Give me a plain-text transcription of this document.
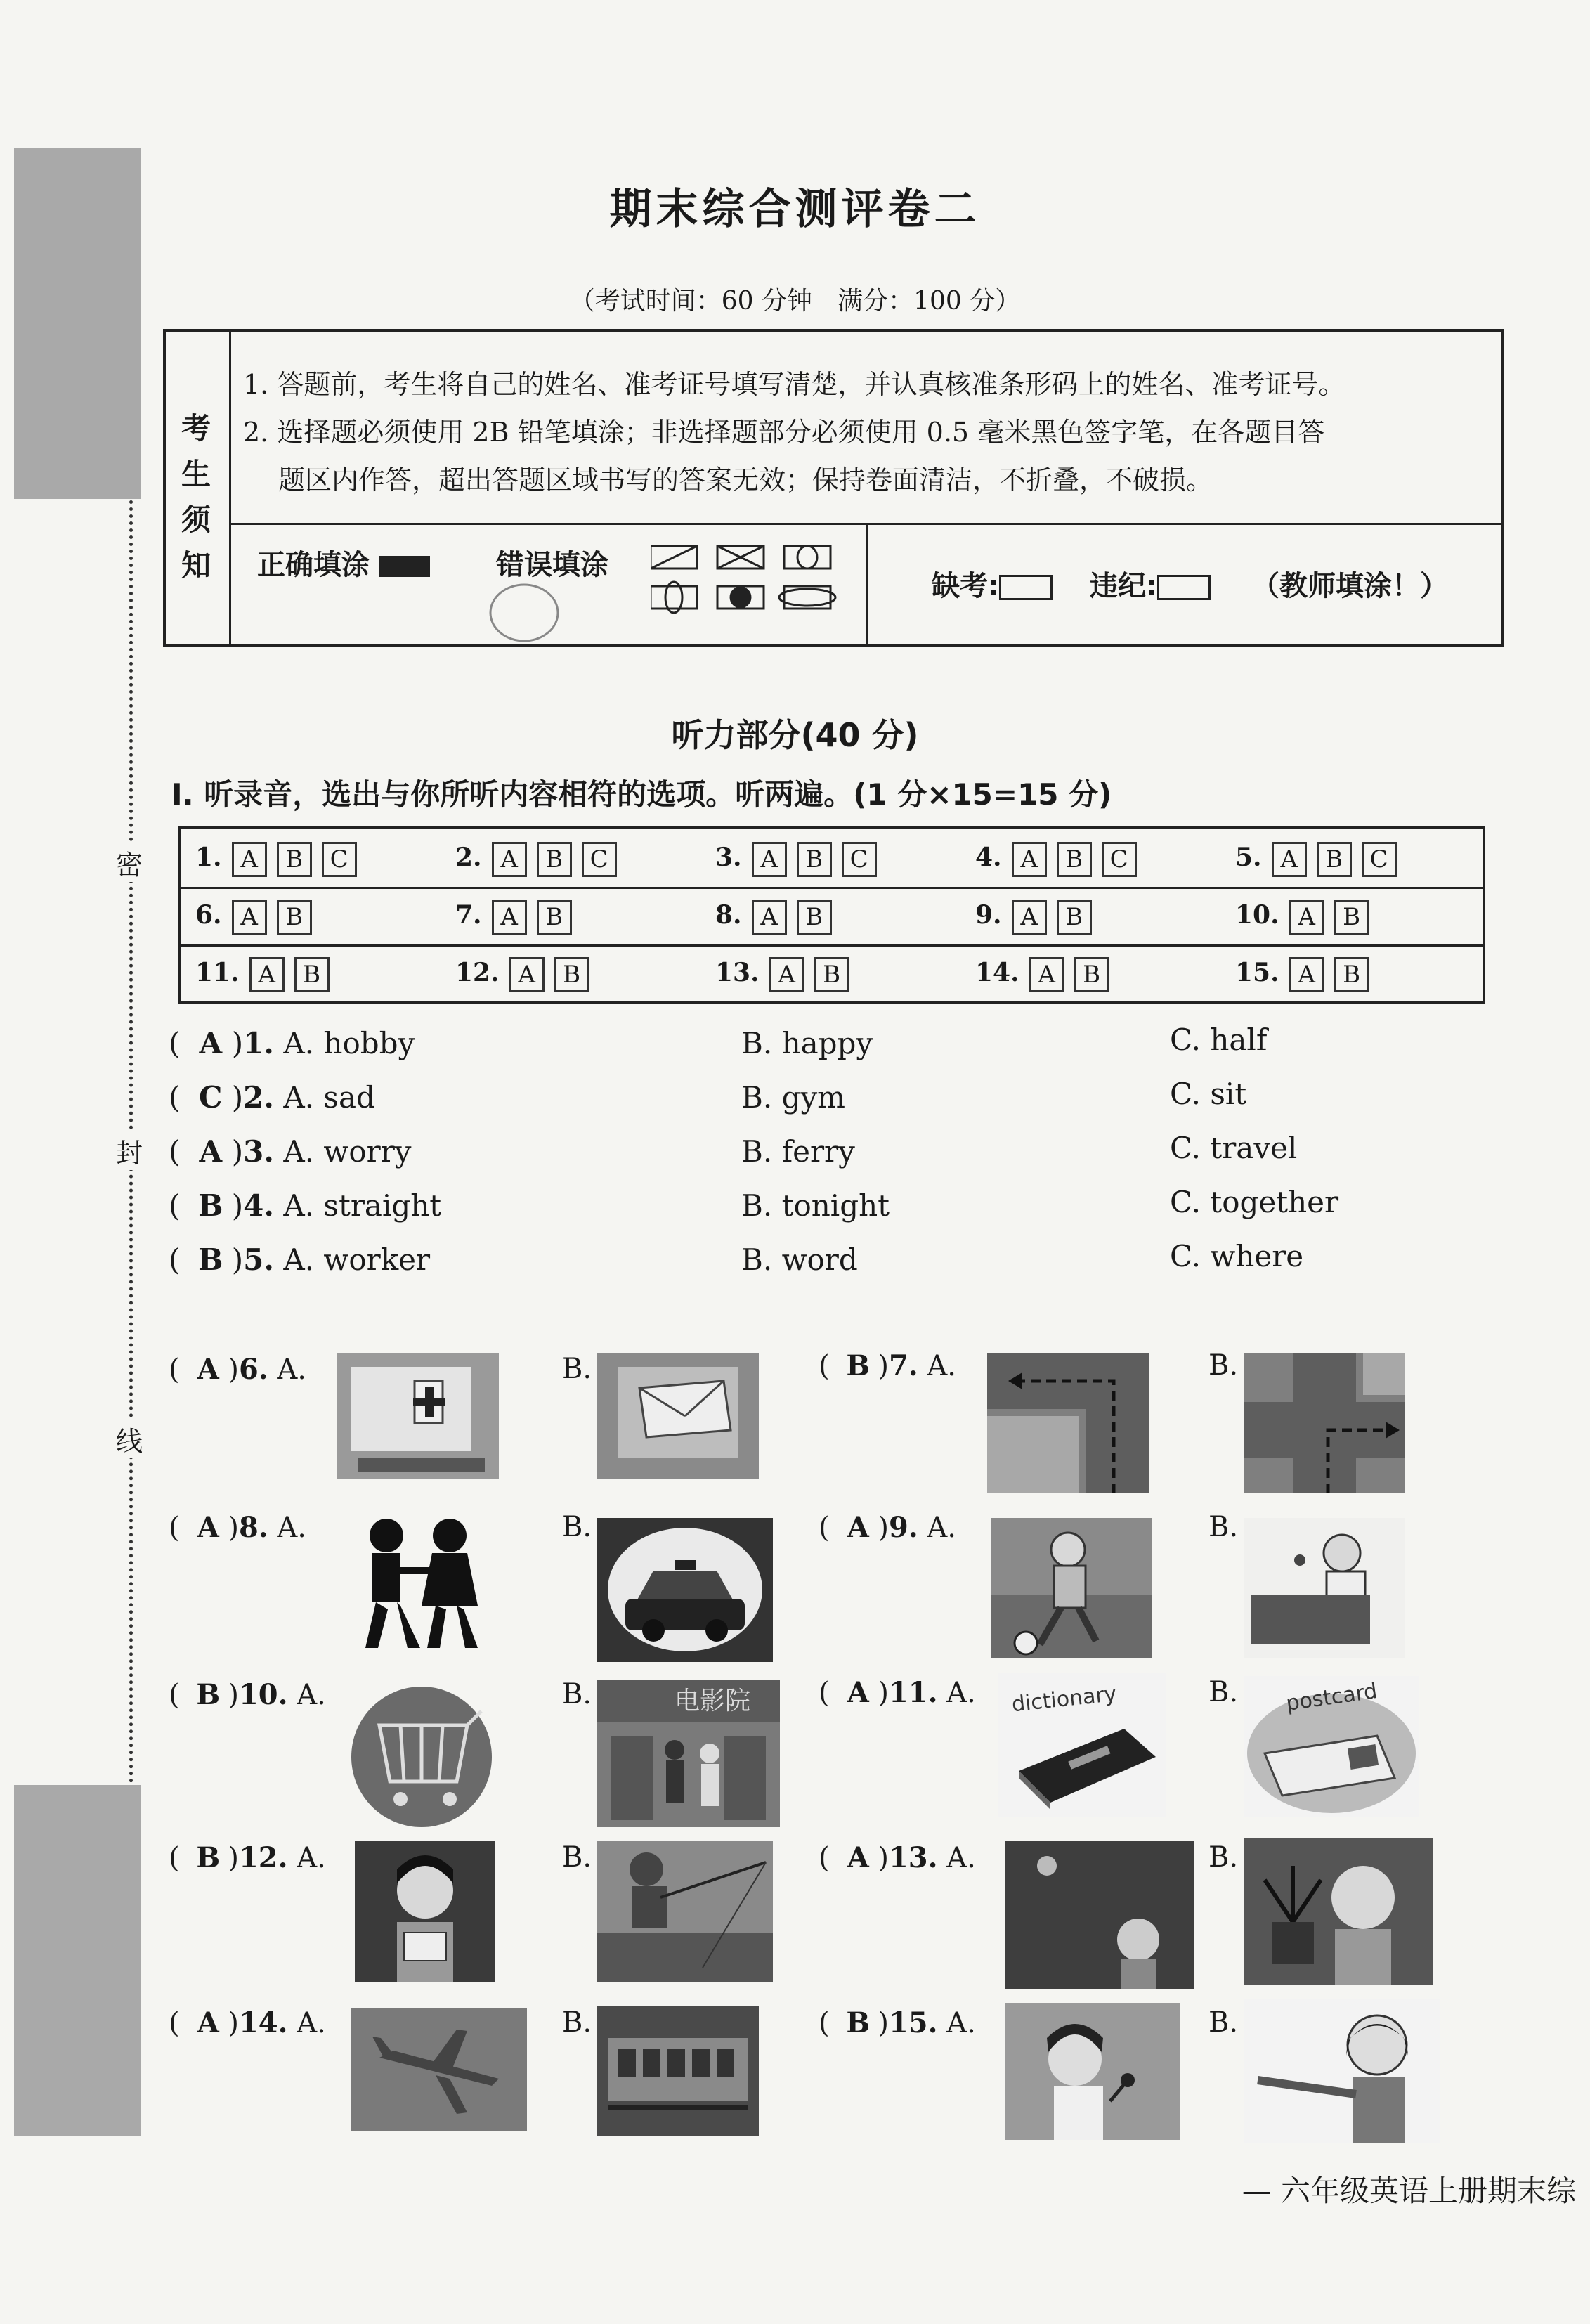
密
封
线
期末综合测评卷二
（考试时间：60 分钟　满分：100 分）
考
生
须
知
1. 答题前，考生将自己的姓名、准考证号填写清楚，并认真核准条形码上的姓名、准考证号。
2. 选择题必须使用 2B 铅笔填涂；非选择题部分必须使用 0.5 毫米黑色签字笔，在各题目答
题区内作答，超出答题区域书写的答案无效；保持卷面清洁，不折叠，不破损。
正确填涂	错误填涂
缺考:	违纪:	（教师填涂！）
听力部分(40 分)
Ⅰ. 听录音，选出与你所听内容相符的选项。听两遍。(1 分×15=15 分)
1. A B C	2. A B C	3. A B C	4. A B C	5. A B C
6. A B	7. A B	8. A B	9. A B	10. A B
11. A B	12. A B	13. A B	14. A B	15. A B
( A )1. A. hobby	B. happy	C. half
( C )2. A. sad	B. gym	C. sit
( A )3. A. worry	B. ferry	C. travel
( B )4. A. straight	B. tonight	C. together
( B )5. A. worker	B. word	C. where
( A )6. A.	B.	( B )7. A.	B.
( A )8. A.	B.	( A )9. A.	B.
( B )10. A.	B.	电影院 ( A )11. A. dictionary	B. postcard
( B )12. A.	B.	( A )13. A.	B.
( A )14. A.	B.	( B )15. A.	B.
— 六年级英语上册期末综
